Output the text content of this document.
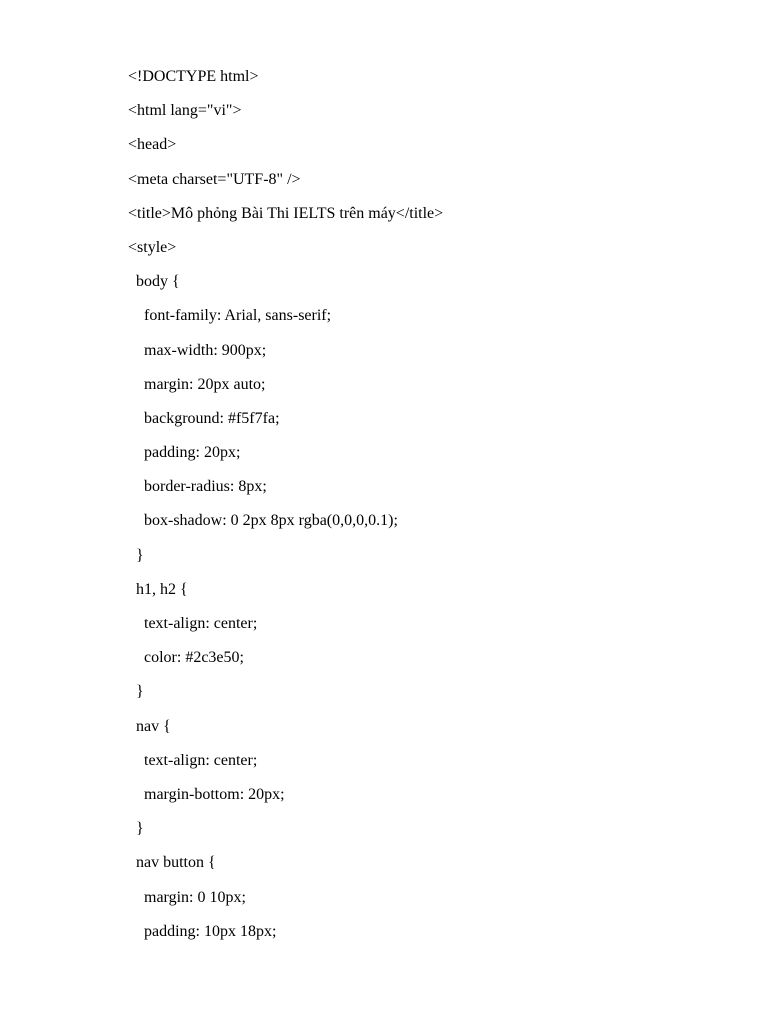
<!DOCTYPE html>
<html lang="vi">
<head>
<meta charset="UTF-8" />
<title>Mô phỏng Bài Thi IELTS trên máy</title>
<style>
body {
font-family: Arial, sans-serif;
max-width: 900px;
margin: 20px auto;
background: #f5f7fa;
padding: 20px;
border-radius: 8px;
box-shadow: 0 2px 8px rgba(0,0,0,0.1);
}
h1, h2 {
text-align: center;
color: #2c3e50;
}
nav {
text-align: center;
margin-bottom: 20px;
}
nav button {
margin: 0 10px;
padding: 10px 18px;
